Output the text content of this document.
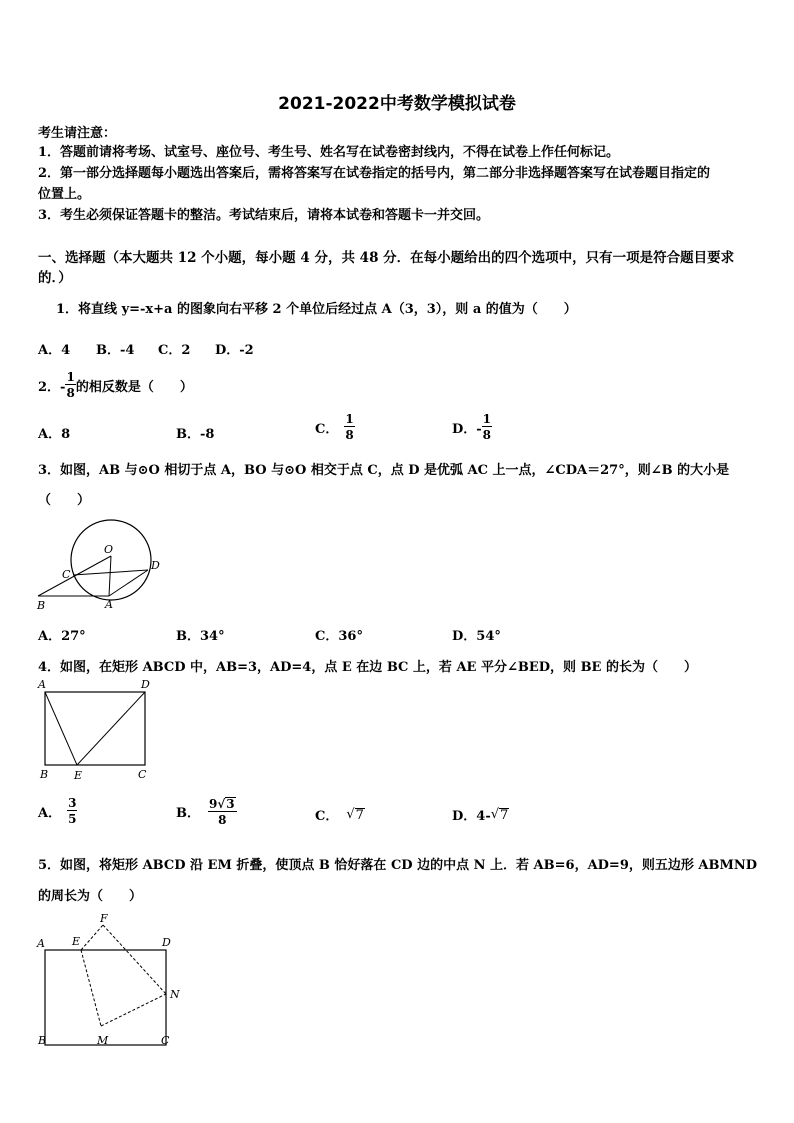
2021-2022中考数学模拟试卷
考生请注意：
1．答题前请将考场、试室号、座位号、考生号、姓名写在试卷密封线内，不得在试卷上作任何标记。
2．第一部分选择题每小题选出答案后，需将答案写在试卷指定的括号内，第二部分非选择题答案写在试卷题目指定的
位置上。
3．考生必须保证答题卡的整洁。考试结束后，请将本试卷和答题卡一并交回。
一、选择题（本大题共 12 个小题，每小题 4 分，共 48 分．在每小题给出的四个选项中，只有一项是符合题目要求
的．）
1．将直线 y=-x+a 的图象向右平移 2 个单位后经过点 A（3，3），则 a 的值为（　　）
A．4 B．-4 C．2 D．-2
2．- $\frac{1}{8}$ 的相反数是（　　）
A．8	B．-8	C． $\frac{1}{8}$	D．- $\frac{1}{8}$
3．如图，AB 与⊙O 相切于点 A，BO 与⊙O 相交于点 C，点 D 是优弧 AC 上一点，∠CDA＝27°，则∠B 的大小是
（　　）
O
C
D
B	A
A．27°	B．34°	C．36°	D．54°
4．如图，在矩形 ABCD 中，AB=3，AD=4，点 E 在边 BC 上，若 AE 平分∠BED，则 BE 的长为（　　）
A	D
B E	C
A． $\frac{3}{5}$	B． $\frac{9√3}{8}$	C． √ 7	D．4- √ 7
5．如图，将矩形 ABCD 沿 EM 折叠，使顶点 B 恰好落在 CD 边的中点 N 上．若 AB=6，AD=9，则五边形 ABMND
的周长为（　　）
F
A E	D
N
B	M	C
